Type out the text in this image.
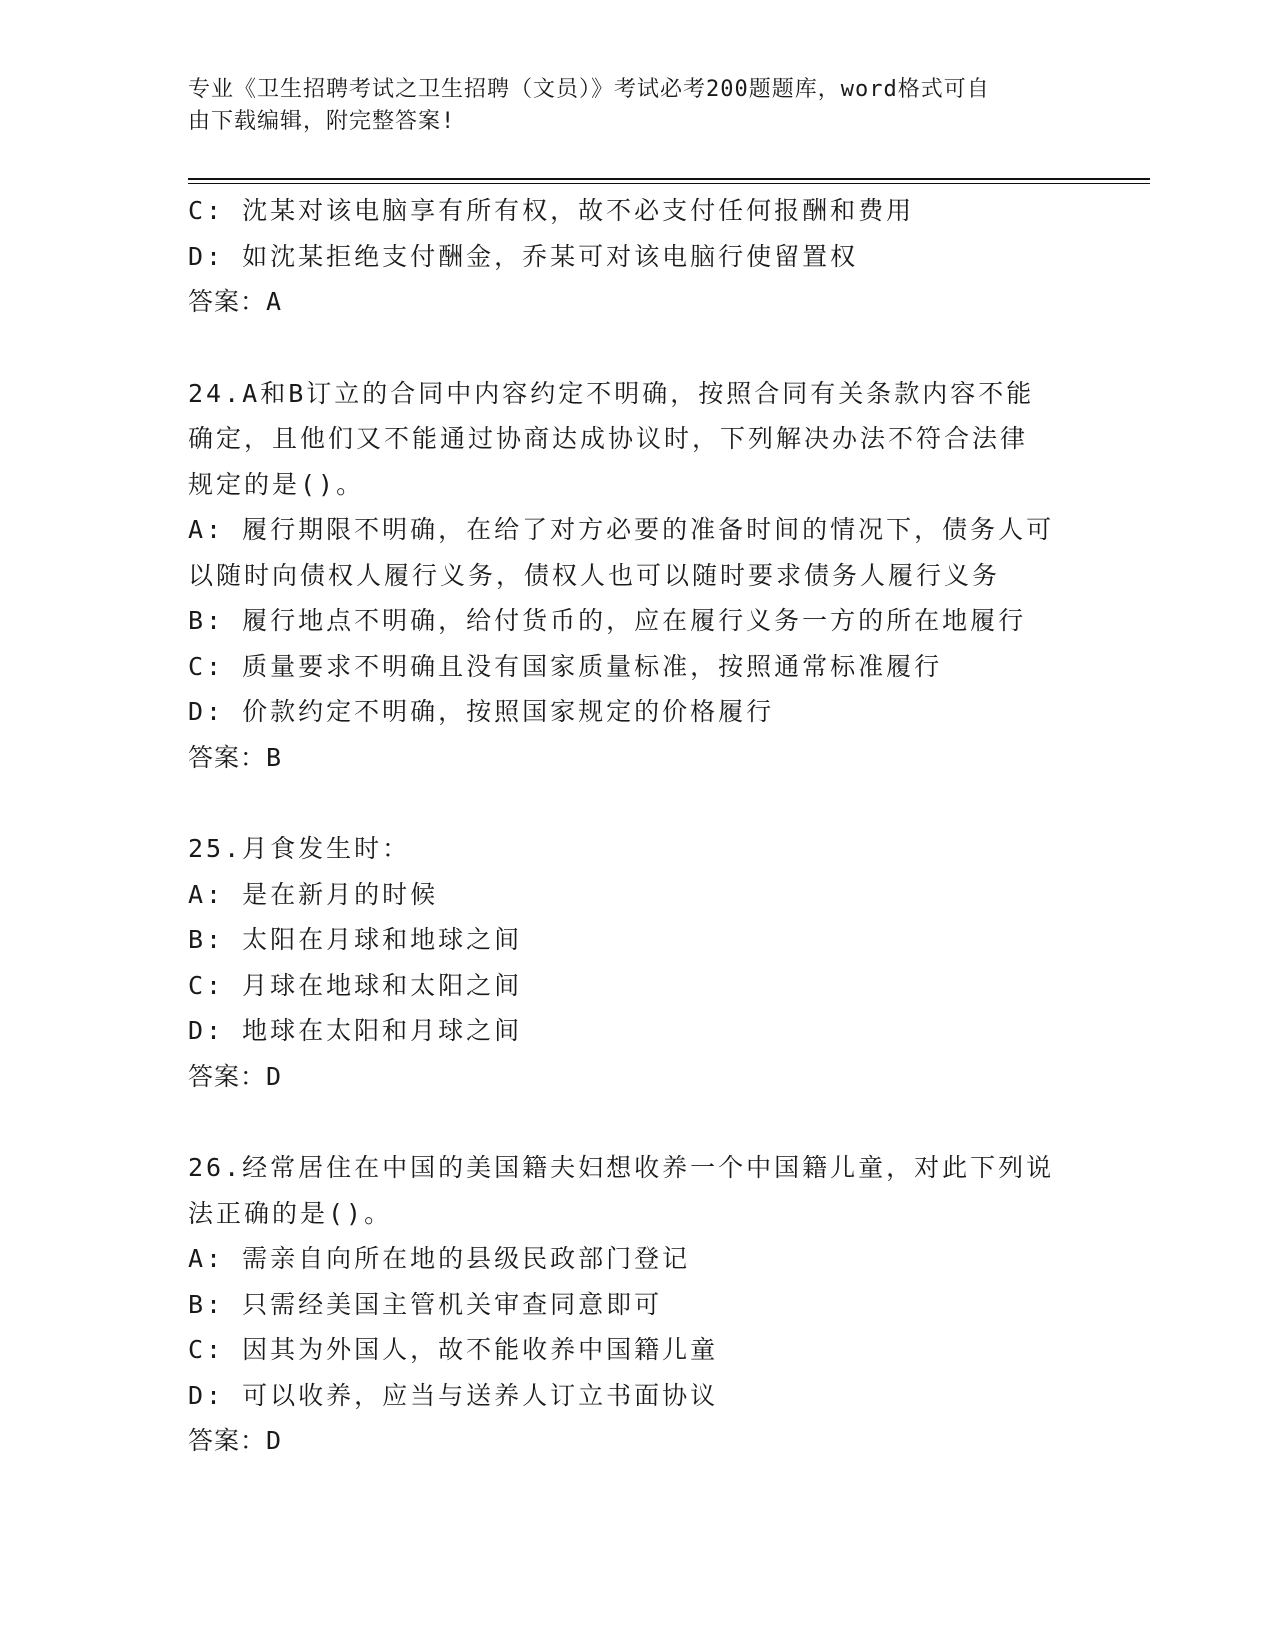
专业《卫生招聘考试之卫生招聘（文员）》考试必考200题题库，word格式可自
由下载编辑，附完整答案!
C: 沈某对该电脑享有所有权，故不必支付任何报酬和费用
D: 如沈某拒绝支付酬金，乔某可对该电脑行使留置权
答案：A
24.A和B订立的合同中内容约定不明确，按照合同有关条款内容不能
确定，且他们又不能通过协商达成协议时，下列解决办法不符合法律
规定的是()。
A: 履行期限不明确，在给了对方必要的准备时间的情况下，债务人可
以随时向债权人履行义务，债权人也可以随时要求债务人履行义务
B: 履行地点不明确，给付货币的，应在履行义务一方的所在地履行
C: 质量要求不明确且没有国家质量标准，按照通常标准履行
D: 价款约定不明确，按照国家规定的价格履行
答案：B
25.月食发生时：
A: 是在新月的时候
B: 太阳在月球和地球之间
C: 月球在地球和太阳之间
D: 地球在太阳和月球之间
答案：D
26.经常居住在中国的美国籍夫妇想收养一个中国籍儿童，对此下列说
法正确的是()。
A: 需亲自向所在地的县级民政部门登记
B: 只需经美国主管机关审查同意即可
C: 因其为外国人，故不能收养中国籍儿童
D: 可以收养，应当与送养人订立书面协议
答案：D
